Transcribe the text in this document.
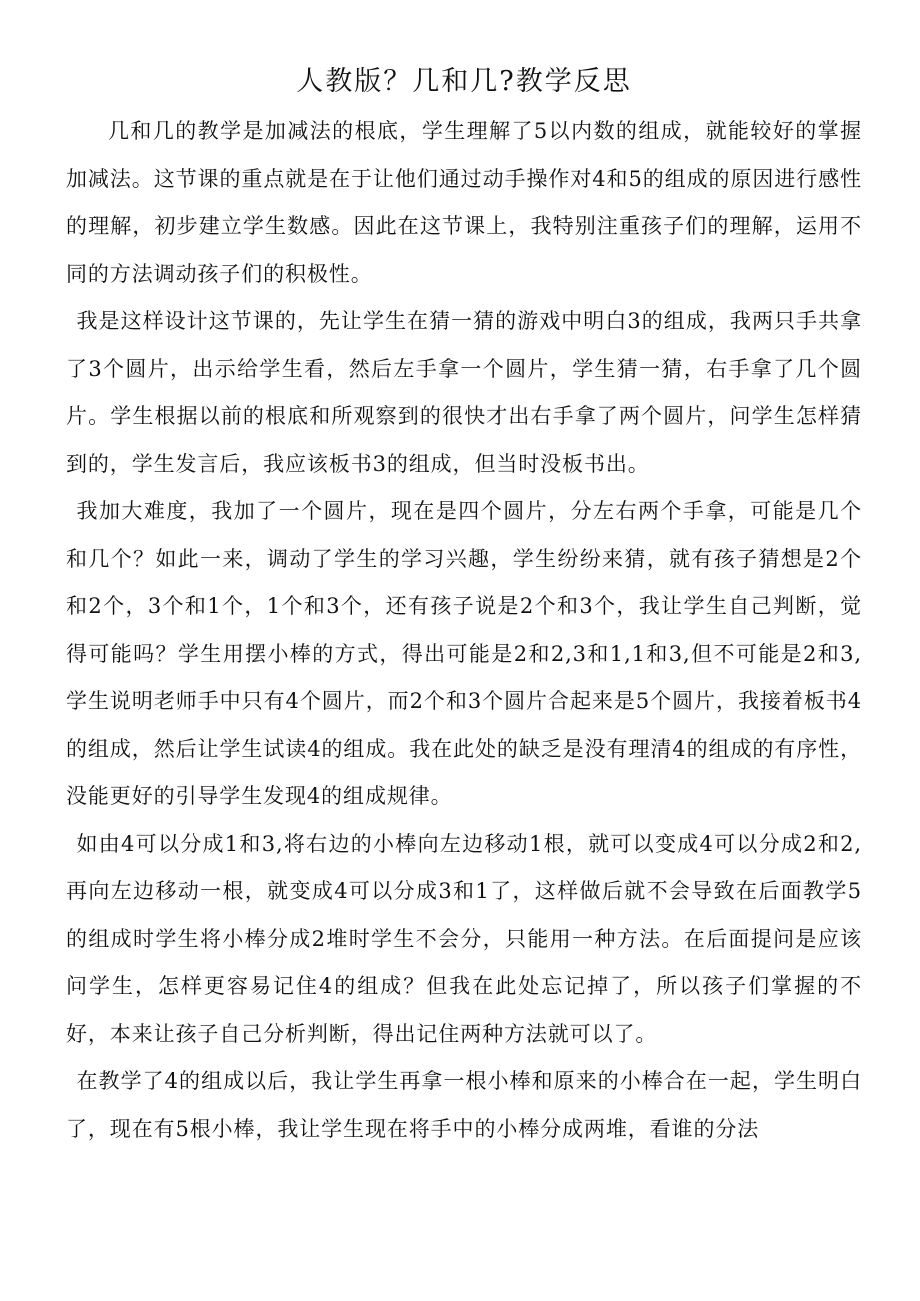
人教版？几和几?教学反思

几和几的教学是加减法的根底，学生理解了5以内数的组成，就能较好的掌握加减法。这节课的重点就是在于让他们通过动手操作对4和5的组成的原因进行感性的理解，初步建立学生数感。因此在这节课上，我特别注重孩子们的理解，运用不同的方法调动孩子们的积极性。

我是这样设计这节课的，先让学生在猜一猜的游戏中明白3的组成，我两只手共拿了3个圆片，出示给学生看，然后左手拿一个圆片，学生猜一猜，右手拿了几个圆片。学生根据以前的根底和所观察到的很快才出右手拿了两个圆片，问学生怎样猜到的，学生发言后，我应该板书3的组成，但当时没板书出。

我加大难度，我加了一个圆片，现在是四个圆片，分左右两个手拿，可能是几个和几个？如此一来，调动了学生的学习兴趣，学生纷纷来猜，就有孩子猜想是2个和2个，3个和1个，1个和3个，还有孩子说是2个和3个，我让学生自己判断，觉得可能吗？学生用摆小棒的方式，得出可能是2和2,3和1,1和3,但不可能是2和3,学生说明老师手中只有4个圆片，而2个和3个圆片合起来是5个圆片，我接着板书4的组成，然后让学生试读4的组成。我在此处的缺乏是没有理清4的组成的有序性，没能更好的引导学生发现4的组成规律。

如由4可以分成1和3,将右边的小棒向左边移动1根，就可以变成4可以分成2和2,再向左边移动一根，就变成4可以分成3和1了，这样做后就不会导致在后面教学5的组成时学生将小棒分成2堆时学生不会分，只能用一种方法。在后面提问是应该问学生，怎样更容易记住4的组成？但我在此处忘记掉了，所以孩子们掌握的不好，本来让孩子自己分析判断，得出记住两种方法就可以了。

在教学了4的组成以后，我让学生再拿一根小棒和原来的小棒合在一起，学生明白了，现在有5根小棒，我让学生现在将手中的小棒分成两堆，看谁的分法
